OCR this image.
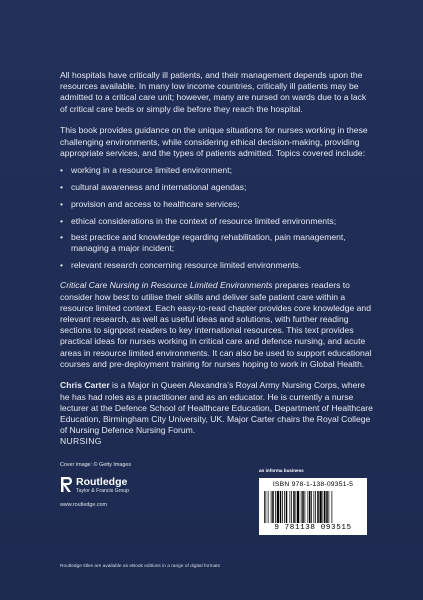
All hospitals have critically ill patients, and their management depends upon the resources available. In many low income countries, critically ill patients may be admitted to a critical care unit; however, many are nursed on wards due to a lack of critical care beds or simply die before they reach the hospital.

This book provides guidance on the unique situations for nurses working in these challenging environments, while considering ethical decision-making, providing appropriate services, and the types of patients admitted. Topics covered include:

• working in a resource limited environment;
• cultural awareness and international agendas;
• provision and access to healthcare services;
• ethical considerations in the context of resource limited environments;
• best practice and knowledge regarding rehabilitation, pain management, managing a major incident;
• relevant research concerning resource limited environments.

Critical Care Nursing in Resource Limited Environments prepares readers to consider how best to utilise their skills and deliver safe patient care within a resource limited context. Each easy-to-read chapter provides core knowledge and relevant research, as well as useful ideas and solutions, with further reading sections to signpost readers to key international resources. This text provides practical ideas for nurses working in critical care and defence nursing, and acute areas in resource limited environments. It can also be used to support educational courses and pre-deployment training for nurses hoping to work in Global Health.

Chris Carter is a Major in Queen Alexandra’s Royal Army Nursing Corps, where he has had roles as a practitioner and as an educator. He is currently a nurse lecturer at the Defence School of Healthcare Education, Department of Healthcare Education, Birmingham City University, UK. Major Carter chairs the Royal College of Nursing Defence Nursing Forum.

NURSING
Cover image: © Getty Images
Routledge
Taylor & Francis Group
www.routledge.com
an informa business
ISBN 978-1-138-09351-5
9 781138 093515
Routledge titles are available as eBook editions in a range of digital formats
